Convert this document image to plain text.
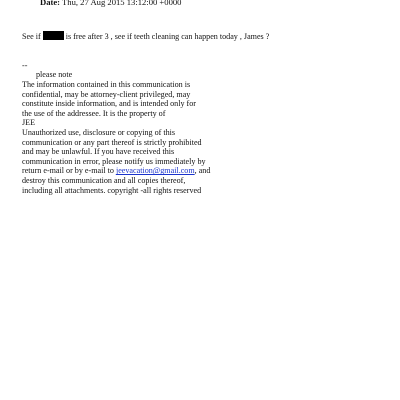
Date: Thu, 27 Aug 2015 13:12:00 +0000
See if	is free after 3 , see if teeth cleaning can happen today , James ?
--
please note
The information contained in this communication is
confidential, may be attorney-client privileged, may
constitute inside information, and is intended only for
the use of the addressee. It is the property of
JEE
Unauthorized use, disclosure or copying of this
communication or any part thereof is strictly prohibited
and may be unlawful. If you have received this
communication in error, please notify us immediately by
return e-mail or by e-mail to jeevacation@gmail.com, and
destroy this communication and all copies thereof,
including all attachments. copyright -all rights reserved
